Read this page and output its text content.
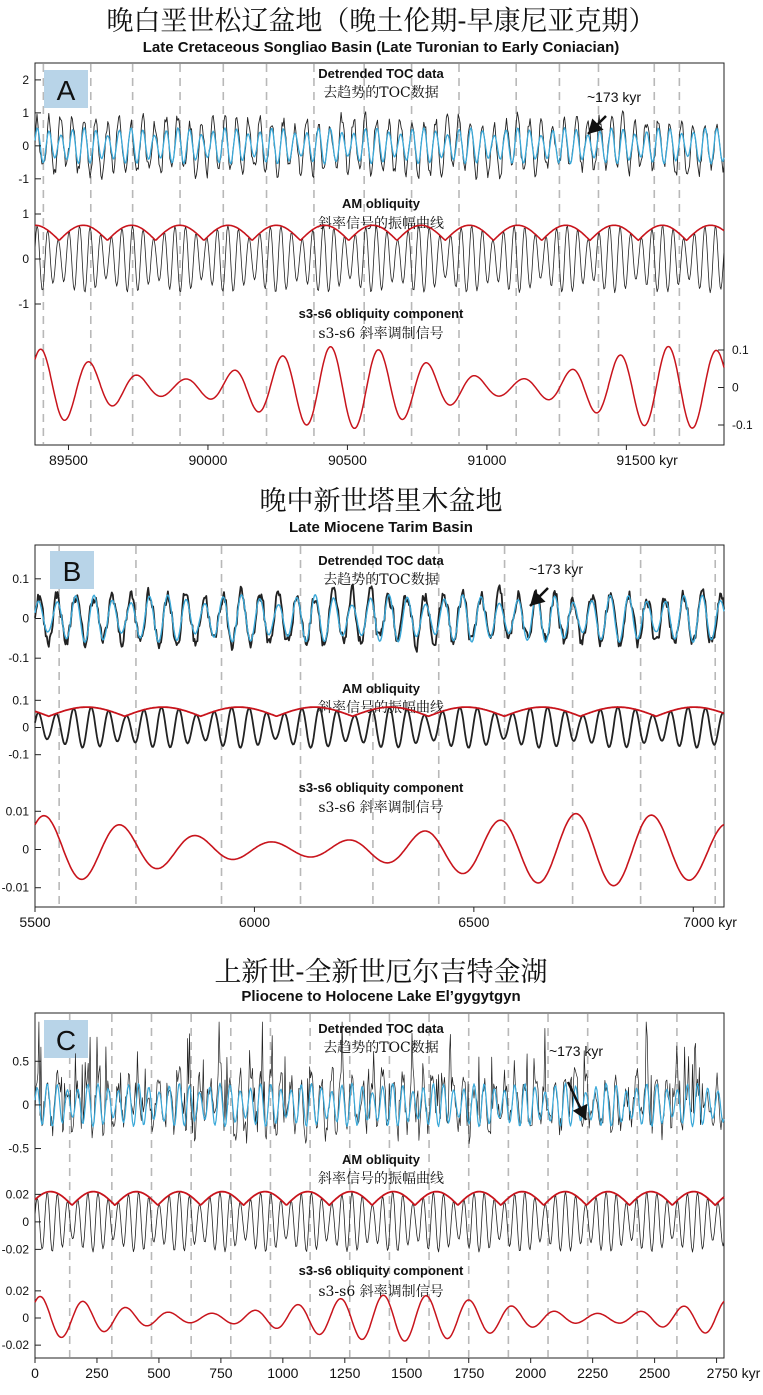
晚白垩世松辽盆地（晚土伦期-早康尼亚克期）
Late Cretaceous Songliao Basin (Late Turonian to Early Coniacian)
A
Detrended TOC data
去趋势的TOC数据
2
1
0
-1
AM obliquity
斜率信号的振幅曲线
1
0
-1
s3-s6 obliquity component
s3-s6 斜率调制信号
0.1
0
-0.1
~173 kyr
89500	90000	90500	91000	91500 kyr
晚中新世塔里木盆地
Late Miocene Tarim Basin
B	Detrended TOC data
去趋势的TOC数据
0.1
0
-0.1
AM obliquity
斜率信号的振幅曲线
0.1
0
-0.1
s3-s6 obliquity component
s3-s6 斜率调制信号
0.01
0
-0.01
~173 kyr
5500	6000	6500	7000 kyr
上新世-全新世厄尔吉特金湖
Pliocene to Holocene Lake El’gygytgyn
C	Detrended TOC data
去趋势的TOC数据
0.5
0
-0.5
AM obliquity
斜率信号的振幅曲线
0.02
0
-0.02
s3-s6 obliquity component
s3-s6 斜率调制信号
0.02
0
-0.02
~173 kyr
0	250	500	750 1000 1250 1500 1750 2000 2250 2500	2750 kyr
